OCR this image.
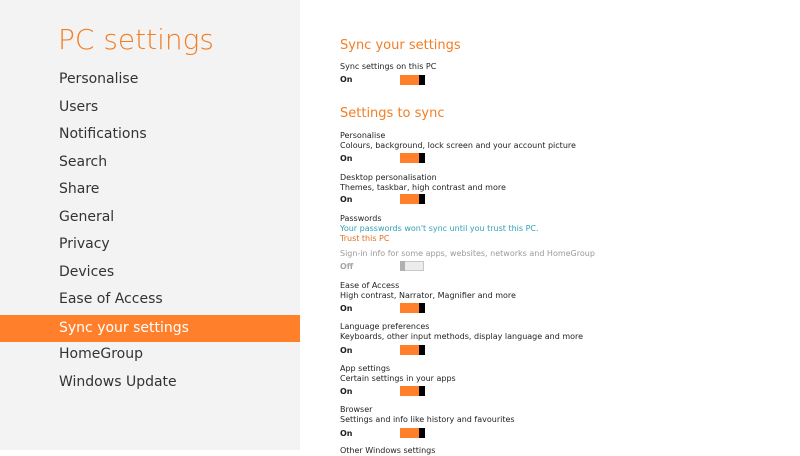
PC settings
Personalise
Users
Notifications
Search
Share
General
Privacy
Devices
Ease of Access
Sync your settings
HomeGroup
Windows Update
Sync your settings
Sync settings on this PC
On
Settings to sync
Personalise
Colours, background, lock screen and your account picture
On
Desktop personalisation
Themes, taskbar, high contrast and more
On
Passwords
Your passwords won't sync until you trust this PC.
Trust this PC
Sign-in info for some apps, websites, networks and HomeGroup
Off
Ease of Access
High contrast, Narrator, Magnifier and more
On
Language preferences
Keyboards, other input methods, display language and more
On
App settings
Certain settings in your apps
On
Browser
Settings and info like history and favourites
On
Other Windows settings
